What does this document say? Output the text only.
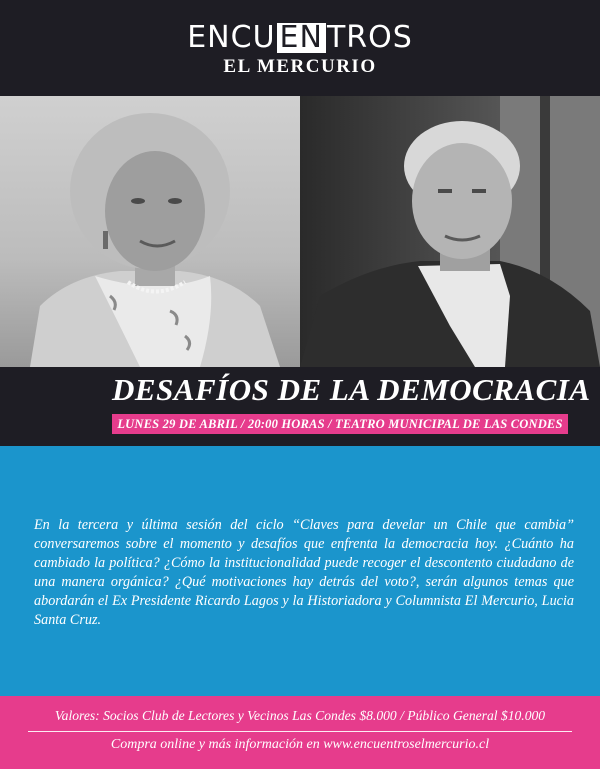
ENCU EN TROS
EL MERCURIO
DESAFÍOS DE LA DEMOCRACIA
LUNES 29 DE ABRIL / 20:00 HORAS / TEATRO MUNICIPAL DE LAS CONDES
En la tercera y última sesión del ciclo “Claves para develar un Chile que cambia” conversaremos sobre el momento y desafíos que enfrenta la democracia hoy. ¿Cuánto ha cambiado la política? ¿Cómo la institucionalidad puede recoger el descontento ciudadano de una manera orgánica? ¿Qué motivaciones hay detrás del voto?, serán algunos temas que abordarán el Ex Presidente Ricardo Lagos y la Historiadora y Columnista El Mercurio, Lucia Santa Cruz.
Valores: Socios Club de Lectores y Vecinos Las Condes $8.000 / Público General $10.000
Compra online y más información en www.encuentroselmercurio.cl
